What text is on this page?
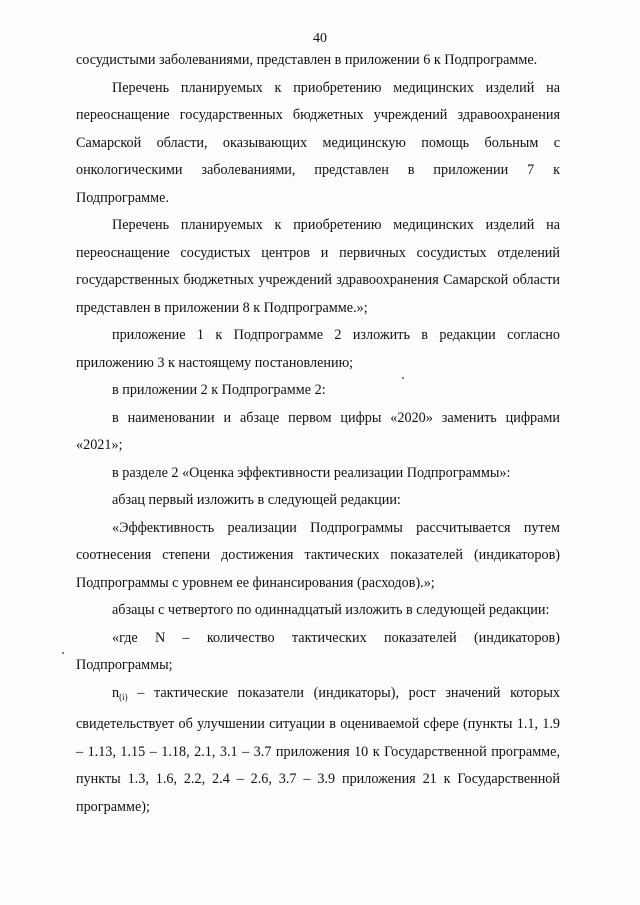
40

сосудистыми заболеваниями, представлен в приложении 6 к Подпрограмме.

Перечень планируемых к приобретению медицинских изделий на переоснащение государственных бюджетных учреждений здравоохранения Самарской области, оказывающих медицинскую помощь больным с онкологическими заболеваниями, представлен в приложении 7 к Подпрограмме.

Перечень планируемых к приобретению медицинских изделий на переоснащение сосудистых центров и первичных сосудистых отделений государственных бюджетных учреждений здравоохранения Самарской области представлен в приложении 8 к Подпрограмме.»;

приложение 1 к Подпрограмме 2 изложить в редакции согласно приложению 3 к настоящему постановлению;

в приложении 2 к Подпрограмме 2:

в наименовании и абзаце первом цифры «2020» заменить цифрами «2021»;

в разделе 2 «Оценка эффективности реализации Подпрограммы»:

абзац первый изложить в следующей редакции:

«Эффективность реализации Подпрограммы рассчитывается путем соотнесения степени достижения тактических показателей (индикаторов) Подпрограммы с уровнем ее финансирования (расходов).»;

абзацы с четвертого по одиннадцатый изложить в следующей редакции:

«где N – количество тактических показателей (индикаторов) Подпрограммы;

$n_{(i)}$ – тактические показатели (индикаторы), рост значений которых свидетельствует об улучшении ситуации в оцениваемой сфере (пункты 1.1, 1.9 – 1.13, 1.15 – 1.18, 2.1, 3.1 – 3.7 приложения 10 к Государственной программе, пункты 1.3, 1.6, 2.2, 2.4 – 2.6, 3.7 – 3.9 приложения 21 к Государственной программе);
